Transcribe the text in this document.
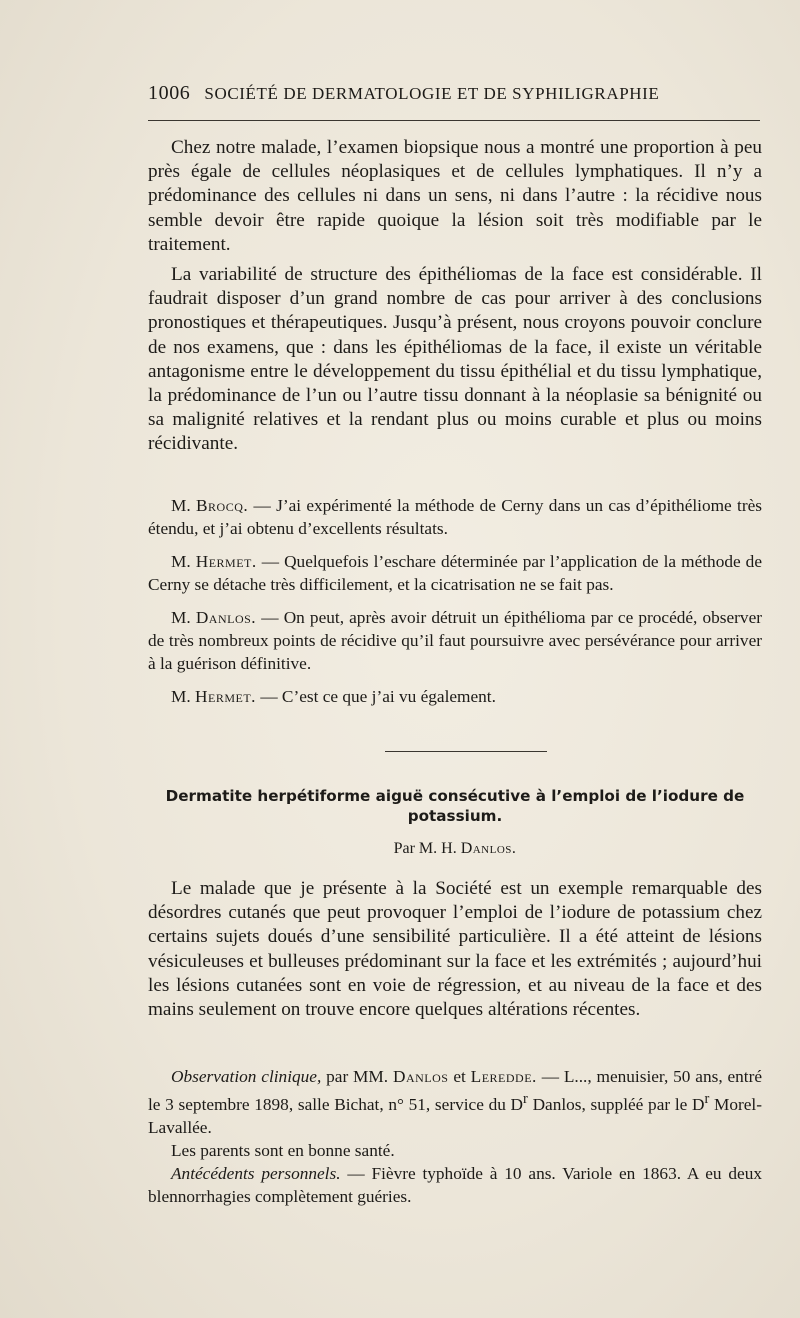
1006 SOCIÉTÉ DE DERMATOLOGIE ET DE SYPHILIGRAPHIE

Chez notre malade, l’examen biopsique nous a montré une proportion à peu près égale de cellules néoplasiques et de cellules lymphatiques. Il n’y a prédominance des cellules ni dans un sens, ni dans l’autre : la récidive nous semble devoir être rapide quoique la lésion soit très modifiable par le traitement.

La variabilité de structure des épithéliomas de la face est considérable. Il faudrait disposer d’un grand nombre de cas pour arriver à des conclusions pronostiques et thérapeutiques. Jusqu’à présent, nous croyons pouvoir conclure de nos examens, que : dans les épithéliomas de la face, il existe un véritable antagonisme entre le développement du tissu épithélial et du tissu lymphatique, la prédominance de l’un ou l’autre tissu donnant à la néoplasie sa bénignité ou sa malignité relatives et la rendant plus ou moins curable et plus ou moins récidivante.

M. Brocq. — J’ai expérimenté la méthode de Cerny dans un cas d’épithéliome très étendu, et j’ai obtenu d’excellents résultats.

M. Hermet. — Quelquefois l’eschare déterminée par l’application de la méthode de Cerny se détache très difficilement, et la cicatrisation ne se fait pas.

M. Danlos. — On peut, après avoir détruit un épithélioma par ce procédé, observer de très nombreux points de récidive qu’il faut poursuivre avec persévérance pour arriver à la guérison définitive.

M. Hermet. — C’est ce que j’ai vu également.

Dermatite herpétiforme aiguë consécutive à l’emploi de l’iodure de potassium.
Par M. H. Danlos.

Le malade que je présente à la Société est un exemple remarquable des désordres cutanés que peut provoquer l’emploi de l’iodure de potassium chez certains sujets doués d’une sensibilité particulière. Il a été atteint de lésions vésiculeuses et bulleuses prédominant sur la face et les extrémités ; aujourd’hui les lésions cutanées sont en voie de régression, et au niveau de la face et des mains seulement on trouve encore quelques altérations récentes.

Observation clinique, par MM. Danlos et Leredde. — L..., menuisier, 50 ans, entré le 3 septembre 1898, salle Bichat, n° 51, service du $D^r$ Danlos, suppléé par le $D^r$ Morel-Lavallée.

Les parents sont en bonne santé.

Antécédents personnels. — Fièvre typhoïde à 10 ans. Variole en 1863. A eu deux blennorrhagies complètement guéries.
